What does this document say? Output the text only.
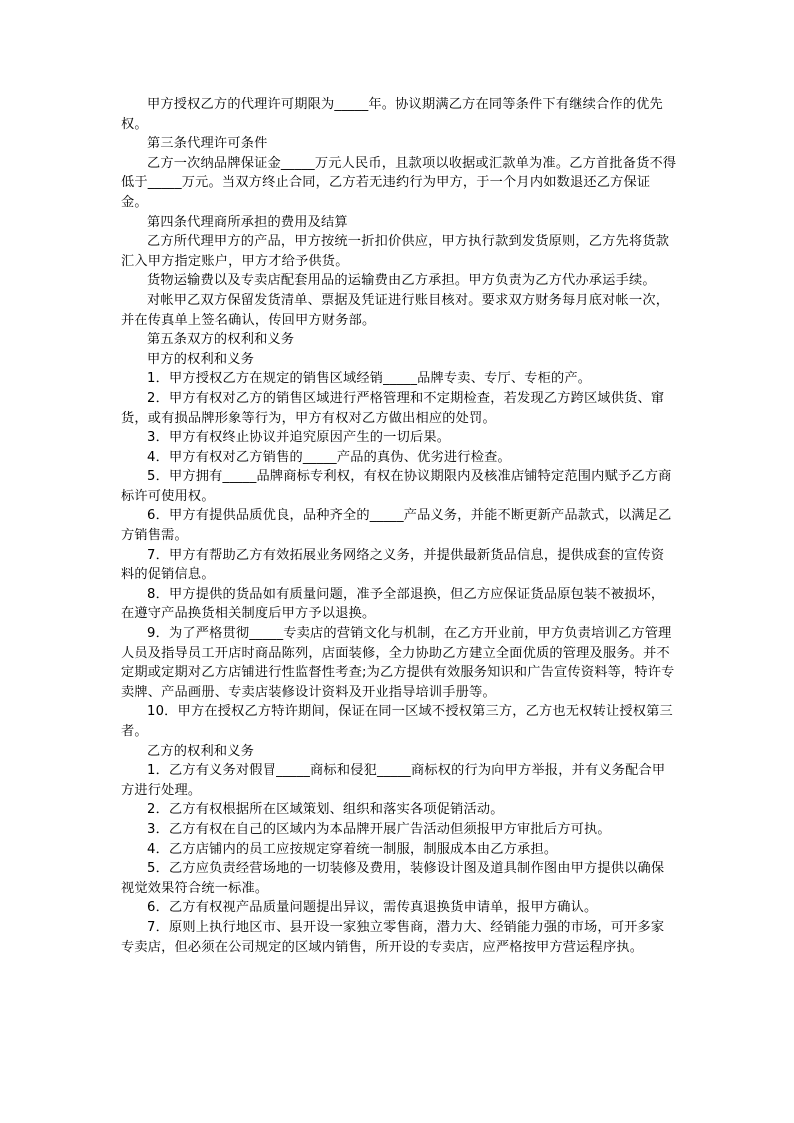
甲方授权乙方的代理许可期限为_____年。协议期满乙方在同等条件下有继续合作的优先权。

第三条代理许可条件

乙方一次纳品牌保证金_____万元人民币，且款项以收据或汇款单为准。乙方首批备货不得低于_____万元。当双方终止合同，乙方若无违约行为甲方，于一个月内如数退还乙方保证金。

第四条代理商所承担的费用及结算

乙方所代理甲方的产品，甲方按统一折扣价供应，甲方执行款到发货原则，乙方先将货款汇入甲方指定账户，甲方才给予供货。

货物运输费以及专卖店配套用品的运输费由乙方承担。甲方负责为乙方代办承运手续。

对帐甲乙双方保留发货清单、票据及凭证进行账目核对。要求双方财务每月底对帐一次，并在传真单上签名确认，传回甲方财务部。

第五条双方的权利和义务

甲方的权利和义务

1．甲方授权乙方在规定的销售区域经销_____品牌专卖、专厅、专柜的产。

2．甲方有权对乙方的销售区域进行严格管理和不定期检查，若发现乙方跨区域供货、窜货，或有损品牌形象等行为，甲方有权对乙方做出相应的处罚。

3．甲方有权终止协议并追究原因产生的一切后果。

4．甲方有权对乙方销售的_____产品的真伪、优劣进行检查。

5．甲方拥有_____品牌商标专利权，有权在协议期限内及核准店铺特定范围内赋予乙方商标许可使用权。

6．甲方有提供品质优良，品种齐全的_____产品义务，并能不断更新产品款式，以满足乙方销售需。

7．甲方有帮助乙方有效拓展业务网络之义务，并提供最新货品信息，提供成套的宣传资料的促销信息。

8．甲方提供的货品如有质量问题，准予全部退换，但乙方应保证货品原包装不被损坏，在遵守产品换货相关制度后甲方予以退换。

9．为了严格贯彻_____专卖店的营销文化与机制，在乙方开业前，甲方负责培训乙方管理人员及指导员工开店时商品陈列，店面装修，全力协助乙方建立全面优质的管理及服务。并不定期或定期对乙方店铺进行性监督性考查;为乙方提供有效服务知识和广告宣传资料等，特许专卖牌、产品画册、专卖店装修设计资料及开业指导培训手册等。

10．甲方在授权乙方特许期间，保证在同一区域不授权第三方，乙方也无权转让授权第三者。

乙方的权利和义务

1．乙方有义务对假冒_____商标和侵犯_____商标权的行为向甲方举报，并有义务配合甲方进行处理。

2．乙方有权根据所在区域策划、组织和落实各项促销活动。

3．乙方有权在自己的区域内为本品牌开展广告活动但须报甲方审批后方可执。

4．乙方店铺内的员工应按规定穿着统一制服，制服成本由乙方承担。

5．乙方应负责经营场地的一切装修及费用，装修设计图及道具制作图由甲方提供以确保视觉效果符合统一标准。

6．乙方有权视产品质量问题提出异议，需传真退换货申请单，报甲方确认。

7．原则上执行地区市、县开设一家独立零售商，潜力大、经销能力强的市场，可开多家专卖店，但必须在公司规定的区域内销售，所开设的专卖店，应严格按甲方营运程序执。
